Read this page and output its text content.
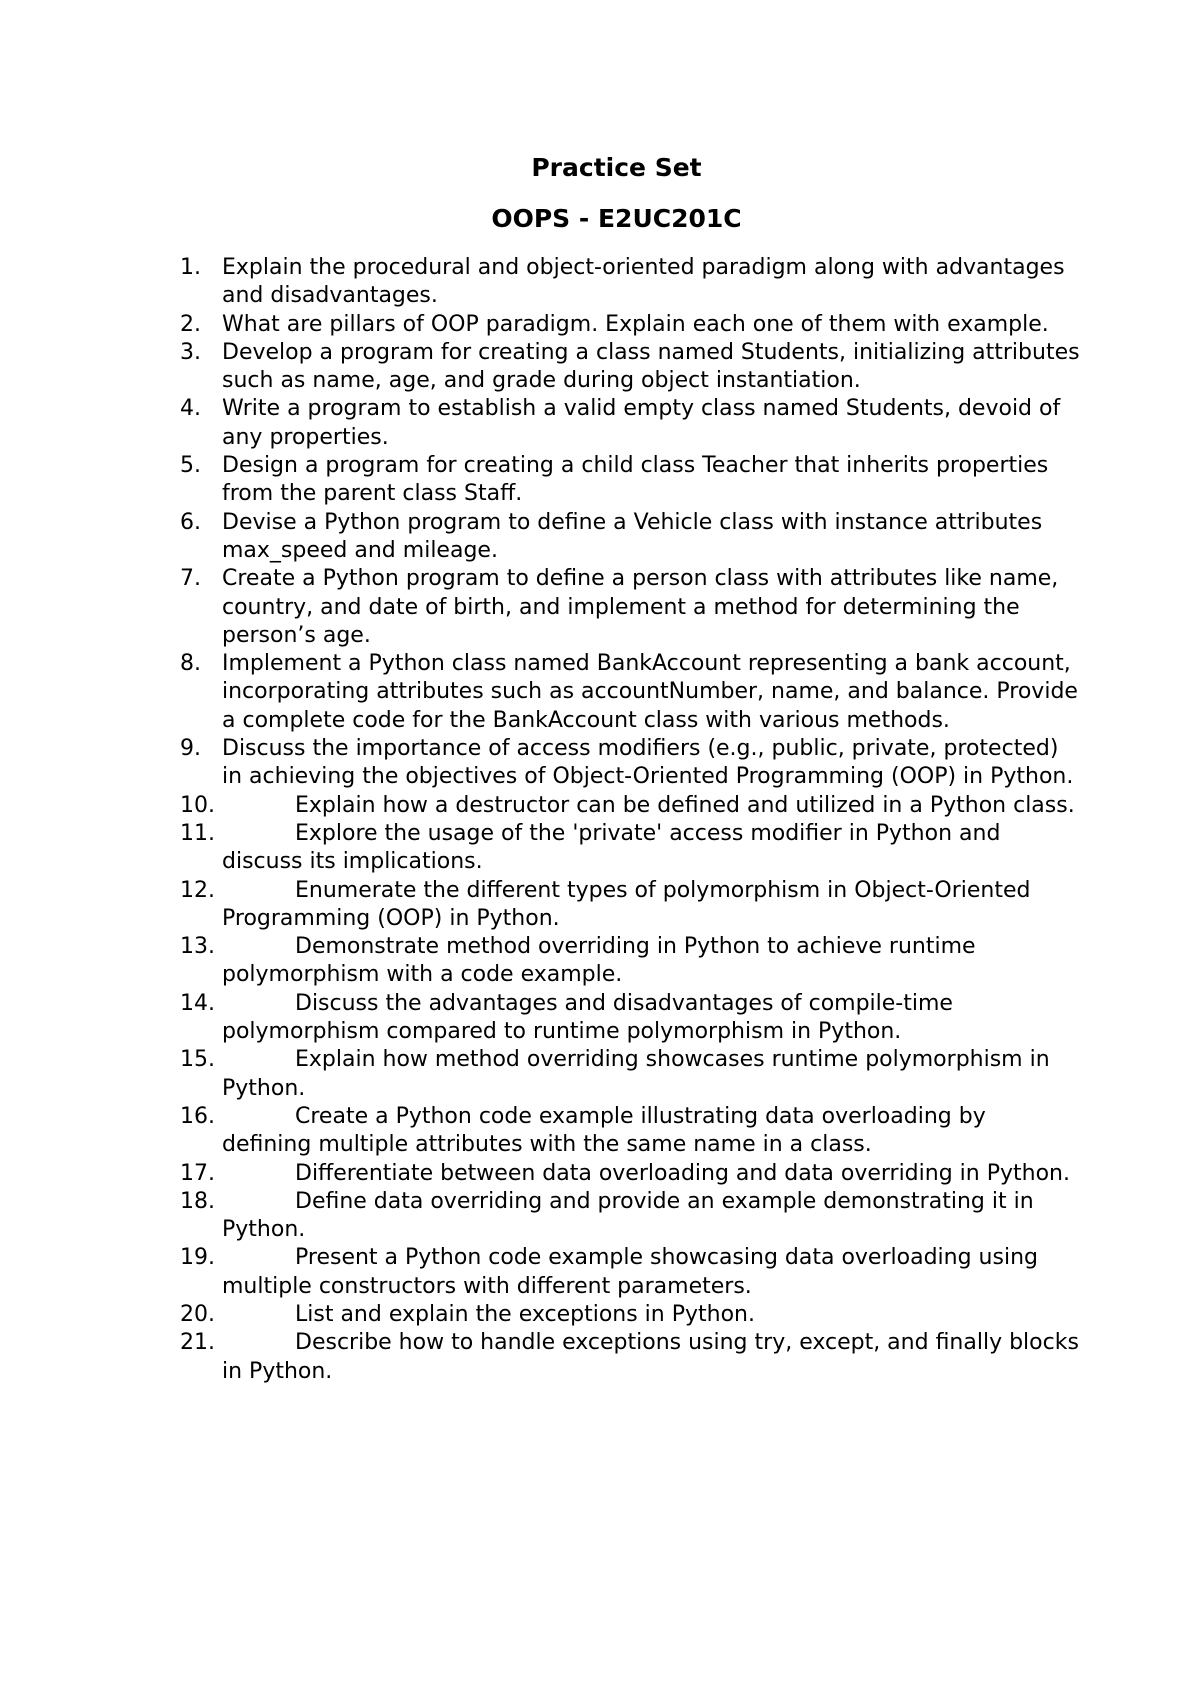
Practice Set
OOPS - E2UC201C
1. Explain the procedural and object-oriented paradigm along with advantages and disadvantages.
2. What are pillars of OOP paradigm. Explain each one of them with example.
3. Develop a program for creating a class named Students, initializing attributes such as name, age, and grade during object instantiation.
4. Write a program to establish a valid empty class named Students, devoid of any properties.
5. Design a program for creating a child class Teacher that inherits properties from the parent class Staff.
6. Devise a Python program to define a Vehicle class with instance attributes max_speed and mileage.
7. Create a Python program to define a person class with attributes like name, country, and date of birth, and implement a method for determining the person’s age.
8. Implement a Python class named BankAccount representing a bank account, incorporating attributes such as accountNumber, name, and balance. Provide a complete code for the BankAccount class with various methods.
9. Discuss the importance of access modifiers (e.g., public, private, protected) in achieving the objectives of Object-Oriented Programming (OOP) in Python.
10.	Explain how a destructor can be defined and utilized in a Python class.
11.	Explore the usage of the 'private' access modifier in Python and discuss its implications.
12.	Enumerate the different types of polymorphism in Object-Oriented Programming (OOP) in Python.
13.	Demonstrate method overriding in Python to achieve runtime polymorphism with a code example.
14.	Discuss the advantages and disadvantages of compile-time polymorphism compared to runtime polymorphism in Python.
15.	Explain how method overriding showcases runtime polymorphism in Python.
16.	Create a Python code example illustrating data overloading by defining multiple attributes with the same name in a class.
17.	Differentiate between data overloading and data overriding in Python.
18.	Define data overriding and provide an example demonstrating it in Python.
19.	Present a Python code example showcasing data overloading using multiple constructors with different parameters.
20.	List and explain the exceptions in Python.
21.	Describe how to handle exceptions using try, except, and finally blocks in Python.
